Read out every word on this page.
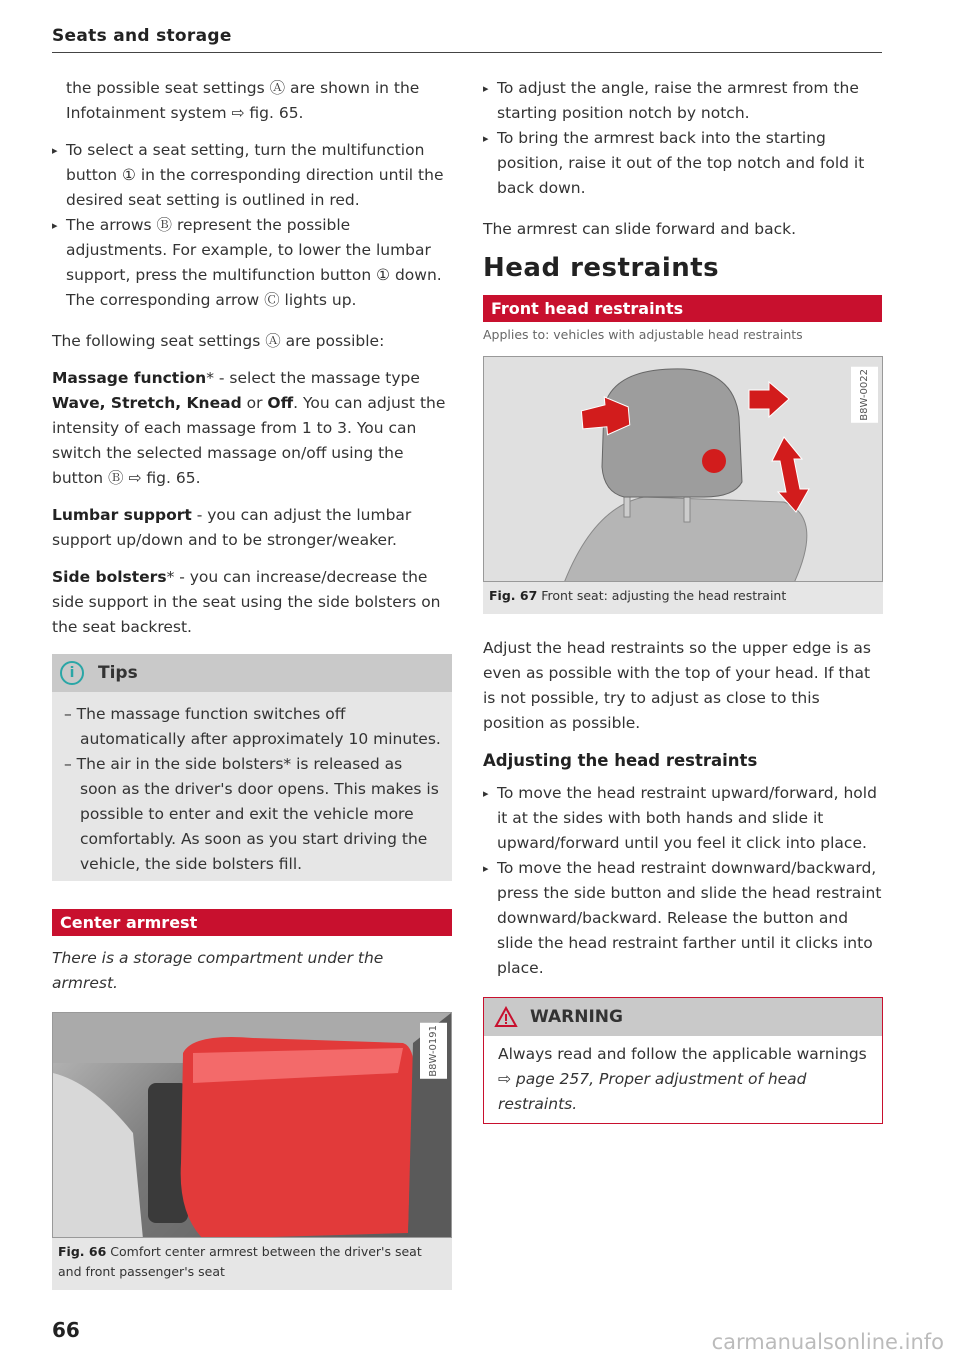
Seats and storage

the possible seat settings Ⓐ are shown in the Infotainment system ⇨ fig. 65.

▸ To select a seat setting, turn the multifunction button ① in the corresponding direction until the desired seat setting is outlined in red.
▸ The arrows Ⓑ represent the possible adjustments. For example, to lower the lumbar support, press the multifunction button ① down. The corresponding arrow Ⓒ lights up.

The following seat settings Ⓐ are possible:

Massage function* - select the massage type Wave, Stretch, Knead or Off. You can adjust the intensity of each massage from 1 to 3. You can switch the selected massage on/off using the button Ⓑ ⇨ fig. 65.

Lumbar support - you can adjust the lumbar support up/down and to be stronger/weaker.

Side bolsters* - you can increase/decrease the side support in the seat using the side bolsters on the seat backrest.

i	Tips
– The massage function switches off automatically after approximately 10 minutes.
– The air in the side bolsters* is released as soon as the driver's door opens. This makes is possible to enter and exit the vehicle more comfortably. As soon as you start driving the vehicle, the side bolsters fill.
Center armrest

There is a storage compartment under the armrest.

B8W-0191
Fig. 66 Comfort center armrest between the driver's seat and front passenger's seat
▸ To adjust the angle, raise the armrest from the starting position notch by notch.
▸ To bring the armrest back into the starting position, raise it out of the top notch and fold it back down.

The armrest can slide forward and back.

Head restraints
Front head restraints
Applies to: vehicles with adjustable head restraints
B8W-0022
Fig. 67 Front seat: adjusting the head restraint

Adjust the head restraints so the upper edge is as even as possible with the top of your head. If that is not possible, try to adjust as close to this position as possible.

Adjusting the head restraints
▸ To move the head restraint upward/forward, hold it at the sides with both hands and slide it upward/forward until you feel it click into place.
▸ To move the head restraint downward/backward, press the side button and slide the head restraint downward/backward. Release the button and slide the head restraint farther until it clicks into place.
WARNING
Always read and follow the applicable warnings ⇨ page 257, Proper adjustment of head restraints.
66	carmanualsonline.info
